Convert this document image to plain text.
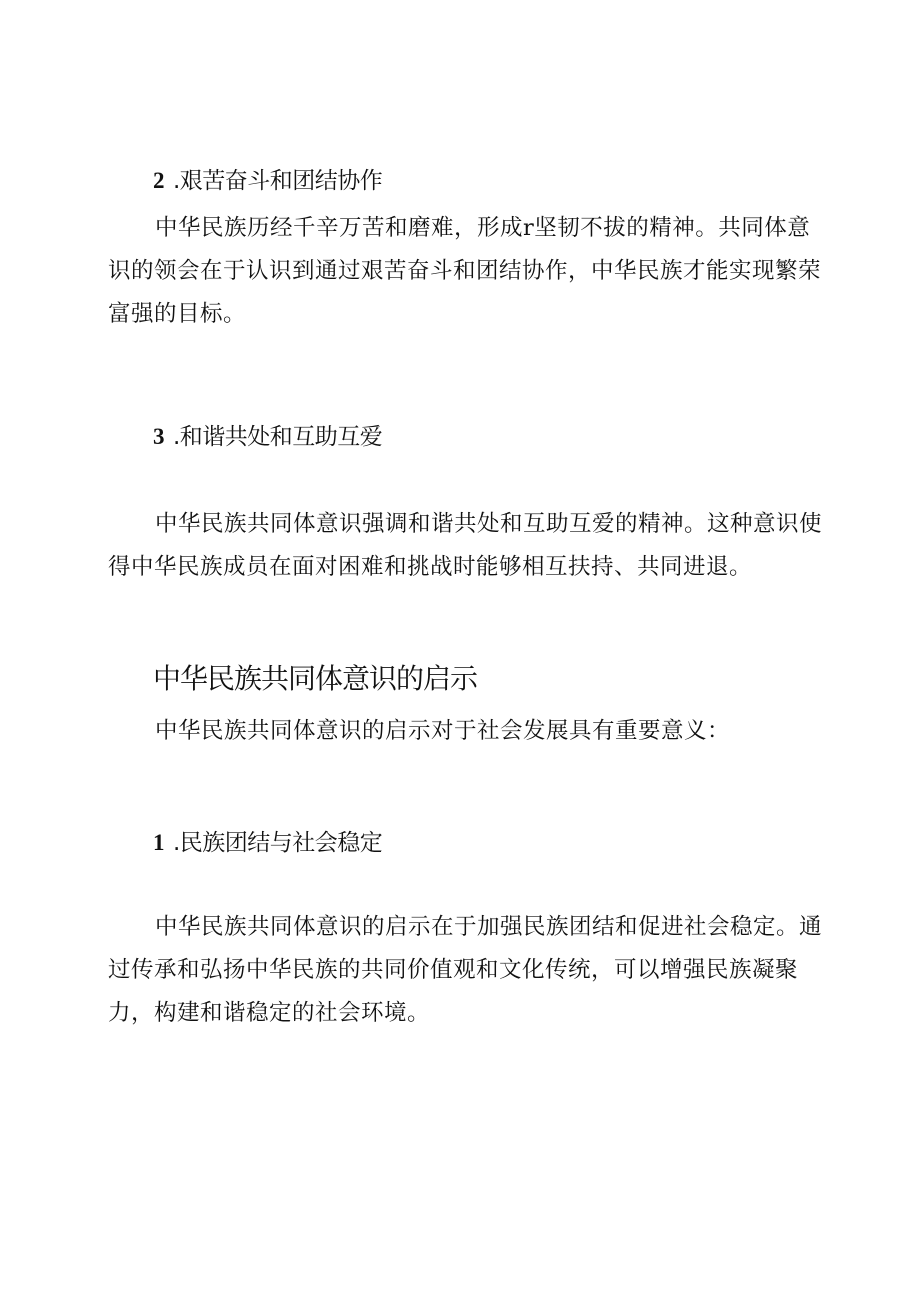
2 .艰苦奋斗和团结协作

中华民族历经千辛万苦和磨难，形成r坚韧不拔的精神。共同体意识的领会在于认识到通过艰苦奋斗和团结协作，中华民族才能实现繁荣富强的目标。

3 .和谐共处和互助互爱

中华民族共同体意识强调和谐共处和互助互爱的精神。这种意识使得中华民族成员在面对困难和挑战时能够相互扶持、共同进退。

中华民族共同体意识的启示

中华民族共同体意识的启示对于社会发展具有重要意义：

1 .民族团结与社会稳定

中华民族共同体意识的启示在于加强民族团结和促进社会稳定。通过传承和弘扬中华民族的共同价值观和文化传统，可以增强民族凝聚力，构建和谐稳定的社会环境。
